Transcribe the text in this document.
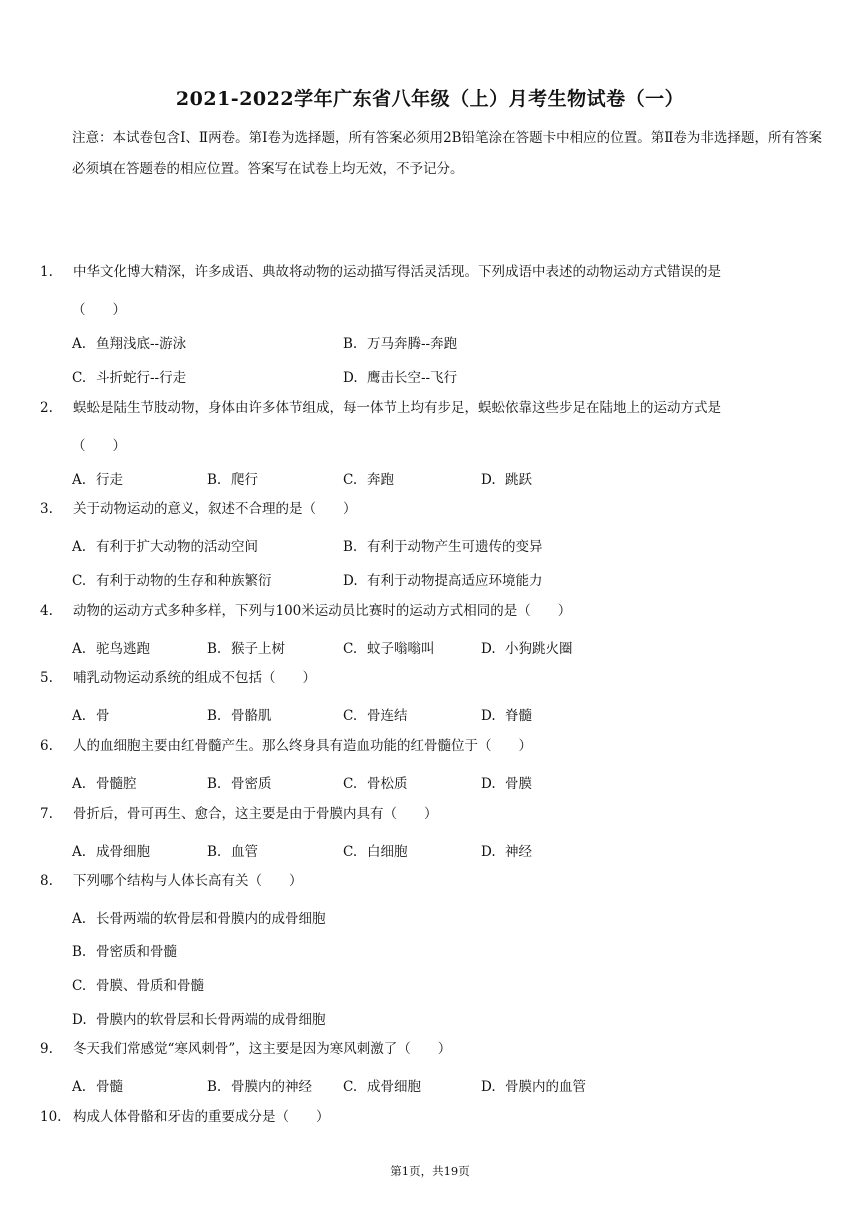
2021-2022学年广东省八年级（上）月考生物试卷（一）
注意：本试卷包含Ⅰ、Ⅱ两卷。第Ⅰ卷为选择题，所有答案必须用2B铅笔涂在答题卡中相应的位置。第Ⅱ卷为非选择题，所有答案必须填在答题卷的相应位置。答案写在试卷上均无效，不予记分。
1.	中华文化博大精深，许多成语、典故将动物的运动描写得活灵活现。下列成语中表述的动物运动方式错误的是
（　　）
A. 鱼翔浅底--游泳	B. 万马奔腾--奔跑
C. 斗折蛇行--行走	D. 鹰击长空--飞行
2.	蜈蚣是陆生节肢动物，身体由许多体节组成，每一体节上均有步足，蜈蚣依靠这些步足在陆地上的运动方式是
（　　）
A. 行走	B. 爬行	C. 奔跑	D. 跳跃
3.	关于动物运动的意义，叙述不合理的是（　　）
A. 有利于扩大动物的活动空间	B. 有利于动物产生可遗传的变异
C. 有利于动物的生存和种族繁衍	D. 有利于动物提高适应环境能力
4.	动物的运动方式多种多样，下列与100米运动员比赛时的运动方式相同的是（　　）
A. 驼鸟逃跑	B. 猴子上树	C. 蚊子嗡嗡叫	D. 小狗跳火圈
5.	哺乳动物运动系统的组成不包括（　　）
A. 骨	B. 骨骼肌	C. 骨连结	D. 脊髓
6.	人的血细胞主要由红骨髓产生。那么终身具有造血功能的红骨髓位于（　　）
A. 骨髓腔	B. 骨密质	C. 骨松质	D. 骨膜
7.	骨折后，骨可再生、愈合，这主要是由于骨膜内具有（　　）
A. 成骨细胞	B. 血管	C. 白细胞	D. 神经
8.	下列哪个结构与人体长高有关（　　）
A. 长骨两端的软骨层和骨膜内的成骨细胞
B. 骨密质和骨髓
C. 骨膜、骨质和骨髓
D. 骨膜内的软骨层和长骨两端的成骨细胞
9.	冬天我们常感觉“寒风刺骨”，这主要是因为寒风刺激了（　　）
A. 骨髓	B. 骨膜内的神经 C. 成骨细胞	D. 骨膜内的血管
10. 构成人体骨骼和牙齿的重要成分是（　　）
第1页，共19页
